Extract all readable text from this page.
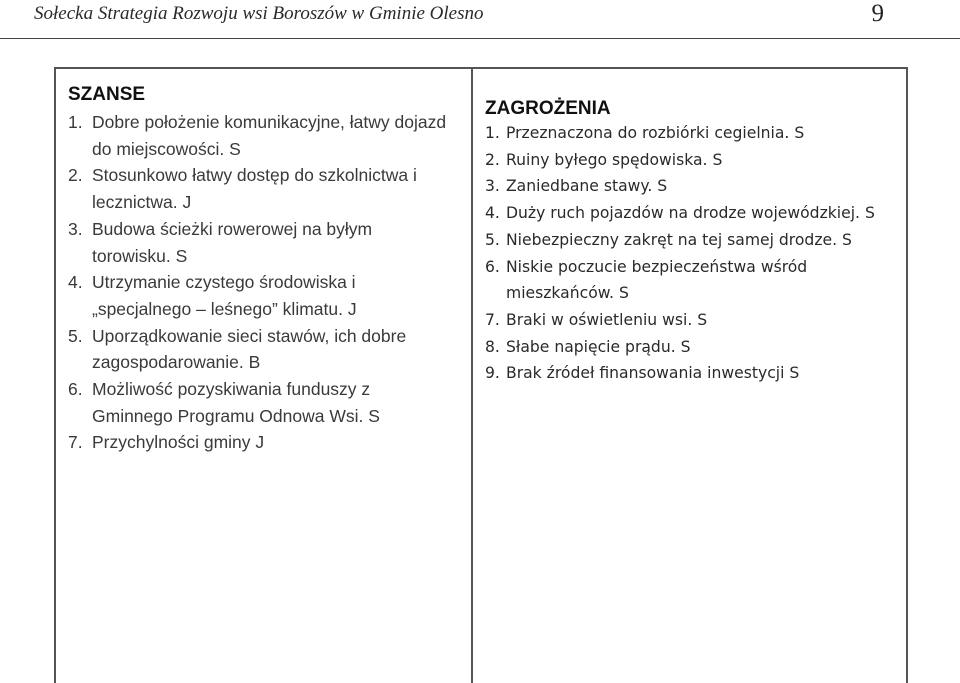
Sołecka Strategia Rozwoju wsi Boroszów w Gminie Olesno	9
SZANSE
1. Dobre położenie komunikacyjne, łatwy dojazd do miejscowości. S
2. Stosunkowo łatwy dostęp do szkolnictwa i lecznictwa. J
3. Budowa ścieżki rowerowej na byłym torowisku. S
4. Utrzymanie czystego środowiska i „specjalnego – leśnego” klimatu. J
5. Uporządkowanie sieci stawów, ich dobre zagospodarowanie. B
6. Możliwość pozyskiwania funduszy z Gminnego Programu Odnowa Wsi. S
7. Przychylności gminy J
ZAGROŻENIA
1. Przeznaczona do rozbiórki cegielnia. S
2. Ruiny byłego spędowiska. S
3. Zaniedbane stawy. S
4. Duży ruch pojazdów na drodze wojewódzkiej. S
5. Niebezpieczny zakręt na tej samej drodze. S
6. Niskie poczucie bezpieczeństwa wśród mieszkańców. S
7. Braki w oświetleniu wsi. S
8. Słabe napięcie prądu. S
9. Brak źródeł finansowania inwestycji S
